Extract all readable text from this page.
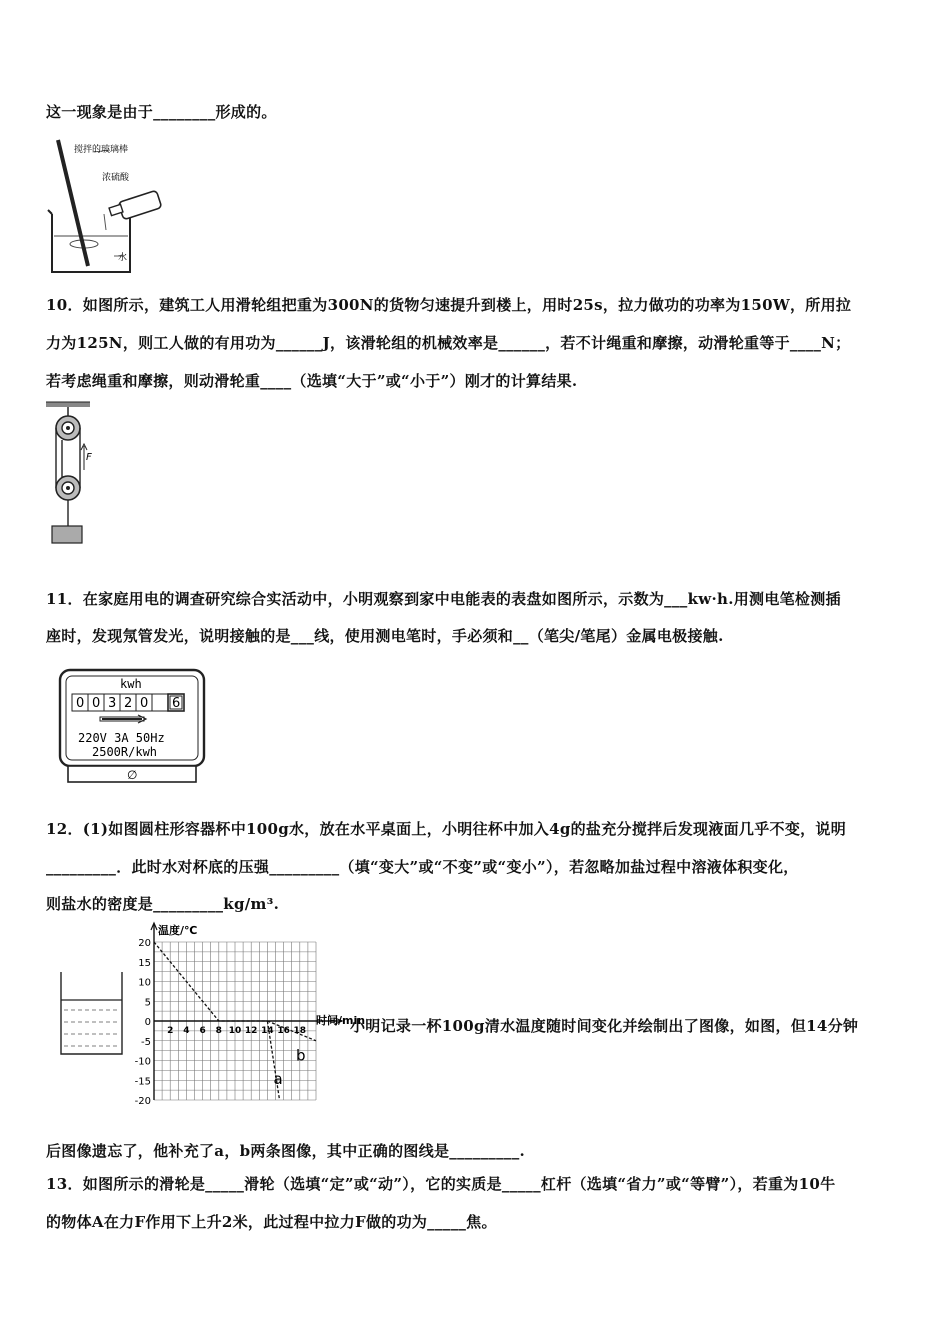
这一现象是由于________形成的。
搅拌的玻璃棒
浓硫酸
水
10．如图所示，建筑工人用滑轮组把重为300N的货物匀速提升到楼上，用时25s，拉力做功的功率为150W，所用拉
力为125N，则工人做的有用功为______J，该滑轮组的机械效率是______，若不计绳重和摩擦，动滑轮重等于____N；
若考虑绳重和摩擦，则动滑轮重____（选填“大于”或“小于”）刚才的计算结果.
F
11．在家庭用电的调查研究综合实活动中，小明观察到家中电能表的表盘如图所示，示数为___kw·h.用测电笔检测插
座时，发现氖管发光，说明接触的是___线，使用测电笔时，手必须和__（笔尖/笔尾）金属电极接触.
kwh
0 0 3 2 0 6
220V 3A 50Hz
2500R/kwh
∅
12．(1)如图圆柱形容器杯中100g水，放在水平桌面上，小明往杯中加入4g的盐充分搅拌后发现液面几乎不变，说明
_________．此时水对杯底的压强_________（填“变大”或“不变”或“变小”），若忽略加盐过程中溶液体积变化，
则盐水的密度是_________kg/m³.
20
15
10
5
0
-5
-10
-15
-20
2 4 6 8 10 12 14 16 18
温度/℃
时间/min
a
b
小明记录一杯100g清水温度随时间变化并绘制出了图像，如图，但14分钟
后图像遗忘了，他补充了a，b两条图像，其中正确的图线是_________.
13．如图所示的滑轮是_____滑轮（选填“定”或“动”），它的实质是_____杠杆（选填“省力”或“等臂”），若重为10牛
的物体A在力F作用下上升2米，此过程中拉力F做的功为_____焦。
